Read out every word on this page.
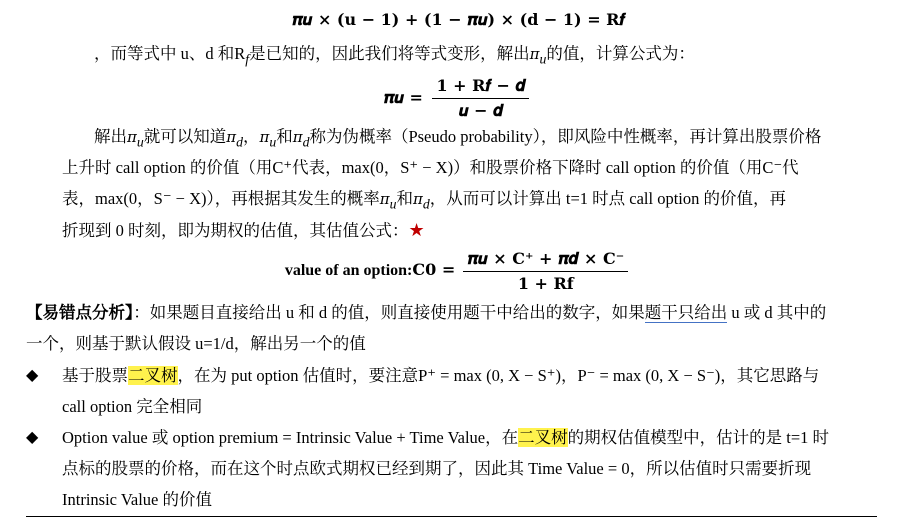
𝝅𝒖 × (𝐮 − 𝟏) + (𝟏 − 𝝅𝒖) × (𝐝 − 𝟏) = 𝐑𝒇
，而等式中 u、d 和$R_f$是已知的，因此我们将等式变形，解出$\pi_u$的值，计算公式为：
𝝅𝒖 = $\frac{\text{𝟏 + 𝐑𝒇 − 𝒅}}{\text{𝒖 − 𝒅}}$
解出$\pi_u$就可以知道$\pi_d$，$\pi_u$和$\pi_d$称为伪概率（Pseudo probability），即风险中性概率，再计算出股票价格
上升时 call option 的价值（用C⁺代表，max(0，S⁺ − X)）和股票价格下降时 call option 的价值（用C⁻代
表，max(0，S⁻ − X)），再根据其发生的概率$\pi_u$和$\pi_d$，从而可以计算出 t=1 时点 call option 的价值，再
折现到 0 时刻，即为期权的估值，其估值公式：★
value of an option:𝐂𝟎 = $\frac{\text{𝝅𝒖 × 𝐂⁺ + 𝝅𝒅 × 𝐂⁻}}{\text{𝟏 + 𝐑𝐟}}$
【易错点分析】：如果题目直接给出 u 和 d 的值，则直接使用题干中给出的数字，如果题干只给出 u 或 d 其中的
一个，则基于默认假设 u=1/d，解出另一个的值
◆ 基于股票二叉树，在为 put option 估值时，要注意P⁺ = max (0, X − S⁺)，P⁻ = max (0, X − S⁻)，其它思路与
call option 完全相同
◆ Option value 或 option premium = Intrinsic Value + Time Value，在二叉树的期权估值模型中，估计的是 t=1 时
点标的股票的价格，而在这个时点欧式期权已经到期了，因此其 Time Value = 0，所以估值时只需要折现
Intrinsic Value 的价值
